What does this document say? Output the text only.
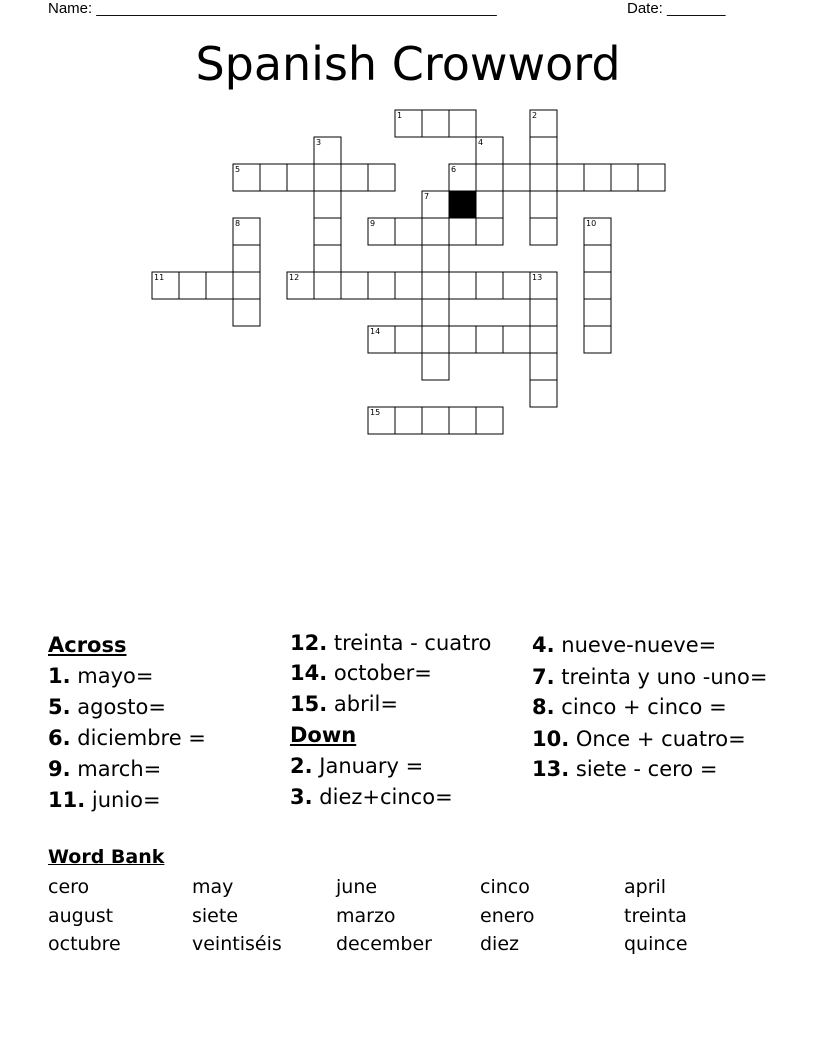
Name: ________________________________________________	Date: _______
Spanish Crowword
1	2
3	4
5	6
7
8	9	10
11	12	13
14
15
Across
1. mayo=
5. agosto=
6. diciembre =
9. march=
11. junio=
12. treinta - cuatro
14. october=
15. abril=
Down
2. January =
3. diez+cinco=
4. nueve-nueve=
7. treinta y uno -uno=
8. cinco + cinco =
10. Once + cuatro=
13. siete - cero =
Word Bank
cero	may	june	cinco	april
august	siete	marzo	enero	treinta
octubre	veintiséis	december	diez	quince
